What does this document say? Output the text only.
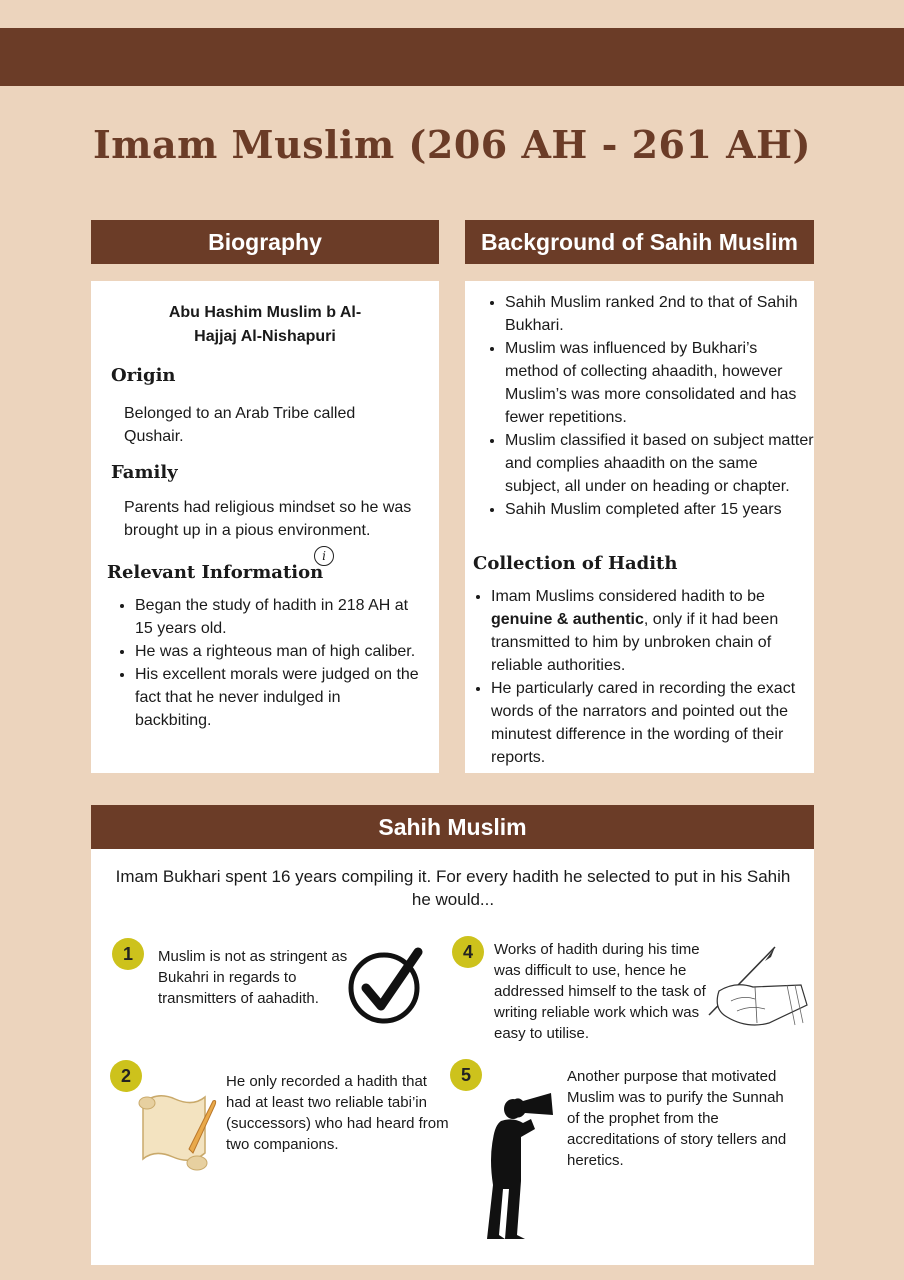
Imam Muslim (206 AH - 261 AH)
Biography
Abu Hashim Muslim b Al-Hajjaj Al-Nishapuri
Origin
Belonged to an Arab Tribe called Qushair.
Family
Parents had religious mindset so he was brought up in a pious environment.
i
Relevant Information
• Began the study of hadith in 218 AH at 15 years old.
• He was a righteous man of high caliber.
• His excellent morals were judged on the fact that he never indulged in backbiting.
Background of Sahih Muslim
• Sahih Muslim ranked 2nd to that of Sahih Bukhari.
• Muslim was influenced by Bukhari’s method of collecting ahaadith, however Muslim’s was more consolidated and has fewer repetitions.
• Muslim classified it based on subject matter and complies ahaadith on the same subject, all under on heading or chapter.
• Sahih Muslim completed after 15 years
Collection of Hadith
• Imam Muslims considered hadith to be genuine & authentic, only if it had been transmitted to him by unbroken chain of reliable authorities.
• He particularly cared in recording the exact words of the narrators and pointed out the minutest difference in the wording of their reports.
Sahih Muslim
Imam Bukhari spent 16 years compiling it. For every hadith he selected to put in his Sahih he would...
1	Muslim is not as stringent as Bukahri in regards to transmitters of aahadith.
2	He only recorded a hadith that had at least two reliable tabi’in (successors) who had heard from two companions.
4	Works of hadith during his time was difficult to use, hence he addressed himself to the task of writing reliable work which was easy to utilise.
5	Another purpose that motivated Muslim was to purify the Sunnah of the prophet from the accreditations of story tellers and heretics.
